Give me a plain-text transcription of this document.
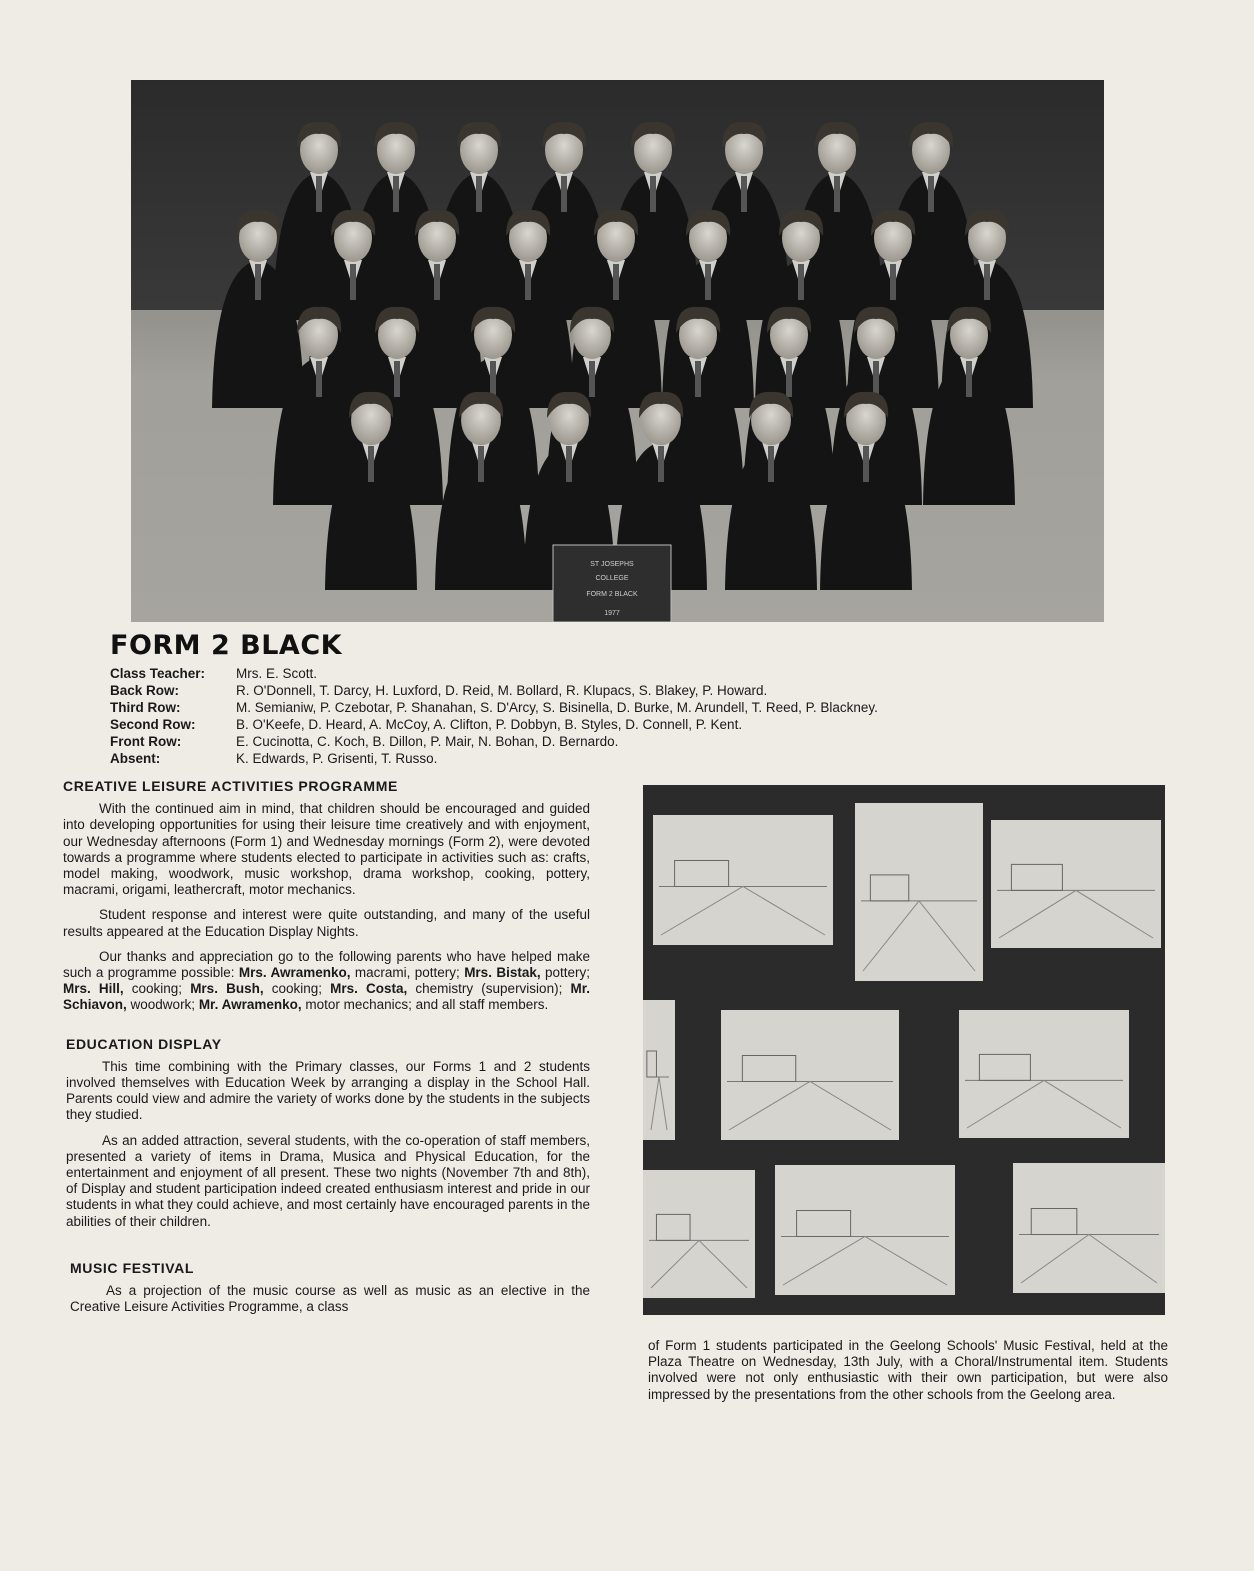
ST JOSEPHS
COLLEGE
FORM 2 BLACK
1977
FORM 2 BLACK
Class Teacher:	Mrs. E. Scott.
Back Row:	R. O'Donnell, T. Darcy, H. Luxford, D. Reid, M. Bollard, R. Klupacs, S. Blakey, P. Howard.
Third Row:	M. Semianiw, P. Czebotar, P. Shanahan, S. D'Arcy, S. Bisinella, D. Burke, M. Arundell, T. Reed, P. Blackney.
Second Row:	B. O'Keefe, D. Heard, A. McCoy, A. Clifton, P. Dobbyn, B. Styles, D. Connell, P. Kent.
Front Row:	E. Cucinotta, C. Koch, B. Dillon, P. Mair, N. Bohan, D. Bernardo.
Absent:	K. Edwards, P. Grisenti, T. Russo.
CREATIVE LEISURE ACTIVITIES PROGRAMME

With the continued aim in mind, that children should be encouraged and guided into developing opportunities for using their leisure time creatively and with enjoyment, our Wednesday afternoons (Form 1) and Wednesday mornings (Form 2), were devoted towards a programme where students elected to participate in activities such as: crafts, model making, woodwork, music workshop, drama workshop, cooking, pottery, macrami, origami, leathercraft, motor mechanics.

Student response and interest were quite outstanding, and many of the useful results appeared at the Education Display Nights.

Our thanks and appreciation go to the following parents who have helped make such a programme possible: Mrs. Awramenko, macrami, pottery; Mrs. Bistak, pottery; Mrs. Hill, cooking; Mrs. Bush, cooking; Mrs. Costa, chemistry (supervision); Mr. Schiavon, woodwork; Mr. Awramenko, motor mechanics; and all staff members.

EDUCATION DISPLAY

This time combining with the Primary classes, our Forms 1 and 2 students involved themselves with Education Week by arranging a display in the School Hall. Parents could view and admire the variety of works done by the students in the subjects they studied.

As an added attraction, several students, with the co-operation of staff members, presented a variety of items in Drama, Musica and Physical Education, for the entertainment and enjoyment of all present. These two nights (November 7th and 8th), of Display and student participation indeed created enthusiasm interest and pride in our students in what they could achieve, and most certainly have encouraged parents in the abilities of their children.

MUSIC FESTIVAL

As a projection of the music course as well as music as an elective in the Creative Leisure Activities Programme, a class

of Form 1 students participated in the Geelong Schools' Music Festival, held at the Plaza Theatre on Wednesday, 13th July, with a Choral/Instrumental item. Students involved were not only enthusiastic with their own participation, but were also impressed by the presentations from the other schools from the Geelong area.
